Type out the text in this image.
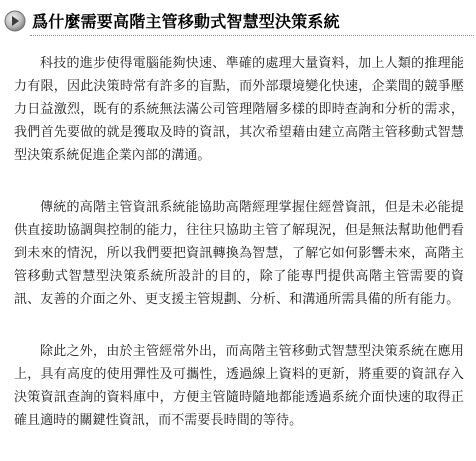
爲什麼需要高階主管移動式智慧型決策系統

科技的進步使得電腦能夠快速、準確的處理大量資料，加上人類的推理能力有限，因此決策時常有許多的盲點，而外部環境變化快速，企業間的競爭壓力日益激烈，既有的系統無法滿公司管理階層多樣的即時查詢和分析的需求，我們首先要做的就是獲取及時的資訊，其次希望藉由建立高階主管移動式智慧型決策系統促進企業內部的溝通。

傳統的高階主管資訊系統能協助高階經理掌握住經營資訊，但是未必能提供直接助協調與控制的能力，往往只協助主管了解現況，但是無法幫助他們看到未來的情況，所以我們要把資訊轉換為智慧，了解它如何影響未來，高階主管移動式智慧型決策系統所設計的目的，除了能專門提供高階主管需要的資訊、友善的介面之外、更支援主管規劃、分析、和溝通所需具備的所有能力。

除此之外，由於主管經常外出，而高階主管移動式智慧型決策系統在應用上，具有高度的使用彈性及可攜性，透過線上資料的更新，將重要的資訊存入決策資訊查詢的資料庫中，方便主管隨時隨地都能透過系統介面快速的取得正確且適時的關鍵性資訊，而不需要長時間的等待。
